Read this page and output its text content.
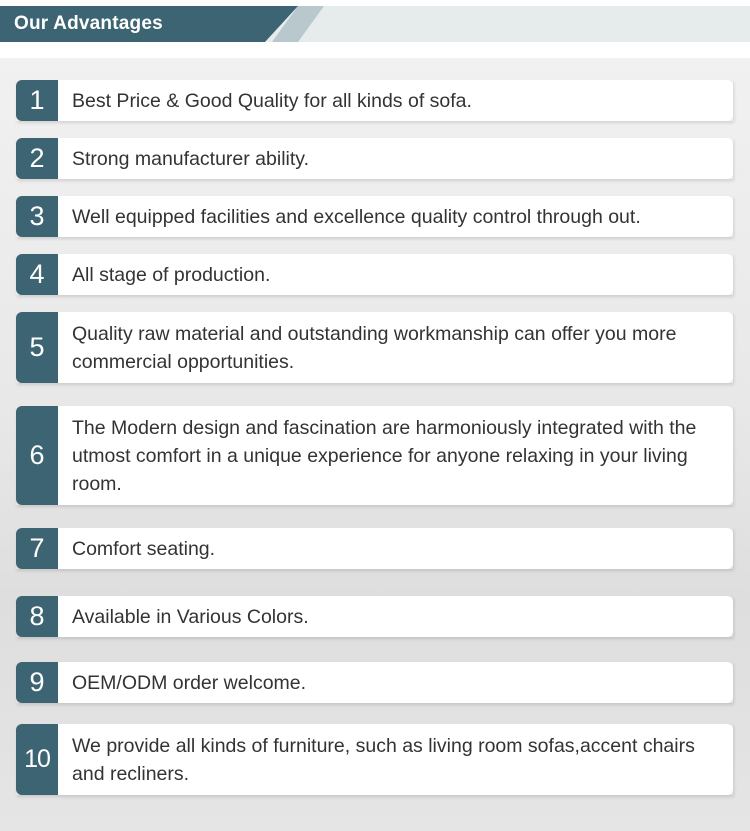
Our Advantages
1	Best Price & Good Quality for all kinds of sofa.
2	Strong manufacturer ability.
3	Well equipped facilities and excellence quality control through out.
4	All stage of production.
5	Quality raw material and outstanding workmanship can offer you more commercial opportunities.
6
The Modern design and fascination are harmoniously integrated with the utmost comfort in a unique experience for anyone relaxing in your living room.
7	Comfort seating.
8	Available in Various Colors.
9	OEM/ODM order welcome.
10	We provide all kinds of furniture, such as living room sofas,accent chairs and recliners.
